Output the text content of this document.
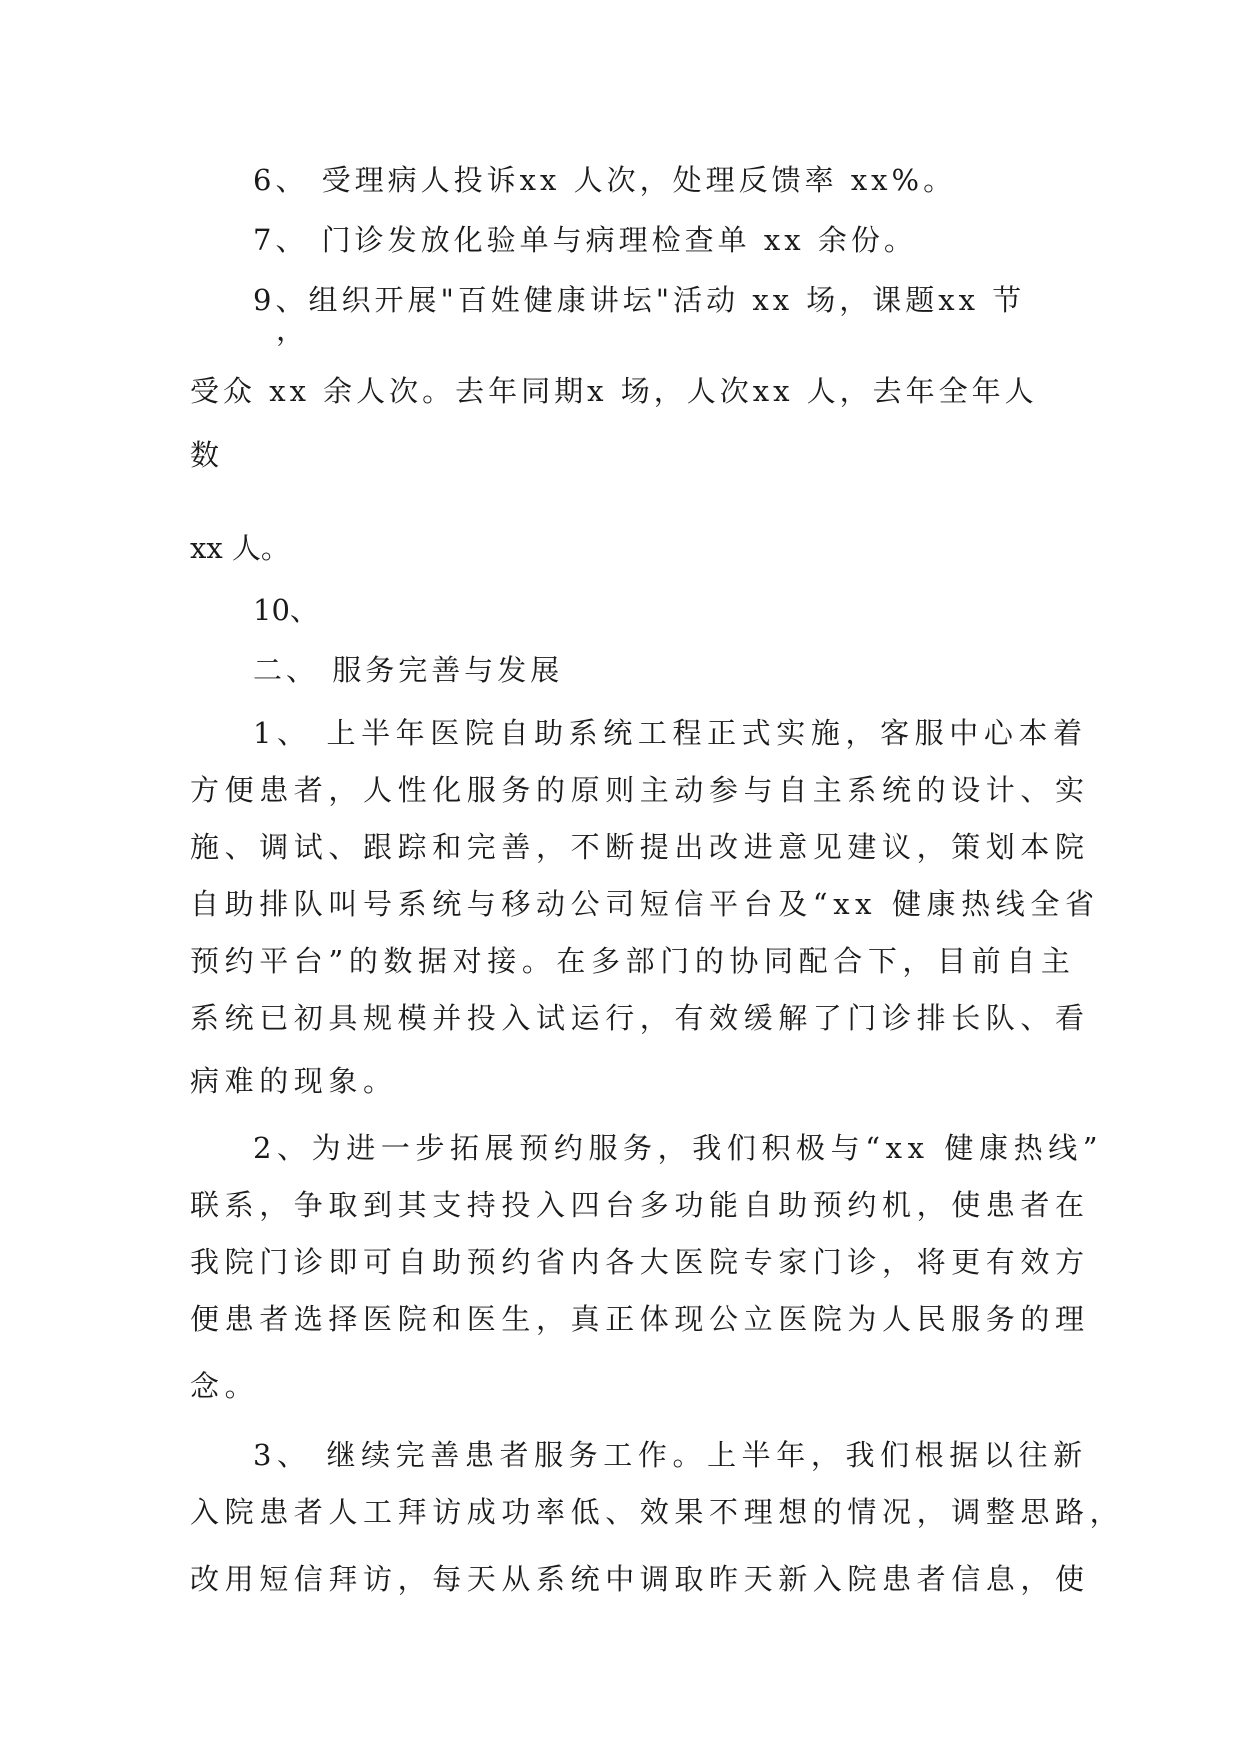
6、 受理病人投诉xx 人次，处理反馈率 xx%。

7、 门诊发放化验单与病理检查单 xx 余份。

9、组织开展"百姓健康讲坛"活动 xx 场，课题xx 节

，

受众 xx 余人次。去年同期x 场，人次xx 人，去年全年人

数

xx 人。

10、

二、 服务完善与发展

1、 上半年医院自助系统工程正式实施，客服中心本着

方便患者，人性化服务的原则主动参与自主系统的设计、实

施、调试、跟踪和完善，不断提出改进意见建议，策划本院

自助排队叫号系统与移动公司短信平台及“xx 健康热线全省

预约平台”的数据对接。在多部门的协同配合下，目前自主

系统已初具规模并投入试运行，有效缓解了门诊排长队、看

病难的现象。

2、为进一步拓展预约服务，我们积极与“xx 健康热线”

联系，争取到其支持投入四台多功能自助预约机，使患者在

我院门诊即可自助预约省内各大医院专家门诊，将更有效方

便患者选择医院和医生，真正体现公立医院为人民服务的理

念。

3、 继续完善患者服务工作。上半年，我们根据以往新

入院患者人工拜访成功率低、效果不理想的情况，调整思路，

改用短信拜访，每天从系统中调取昨天新入院患者信息，使
